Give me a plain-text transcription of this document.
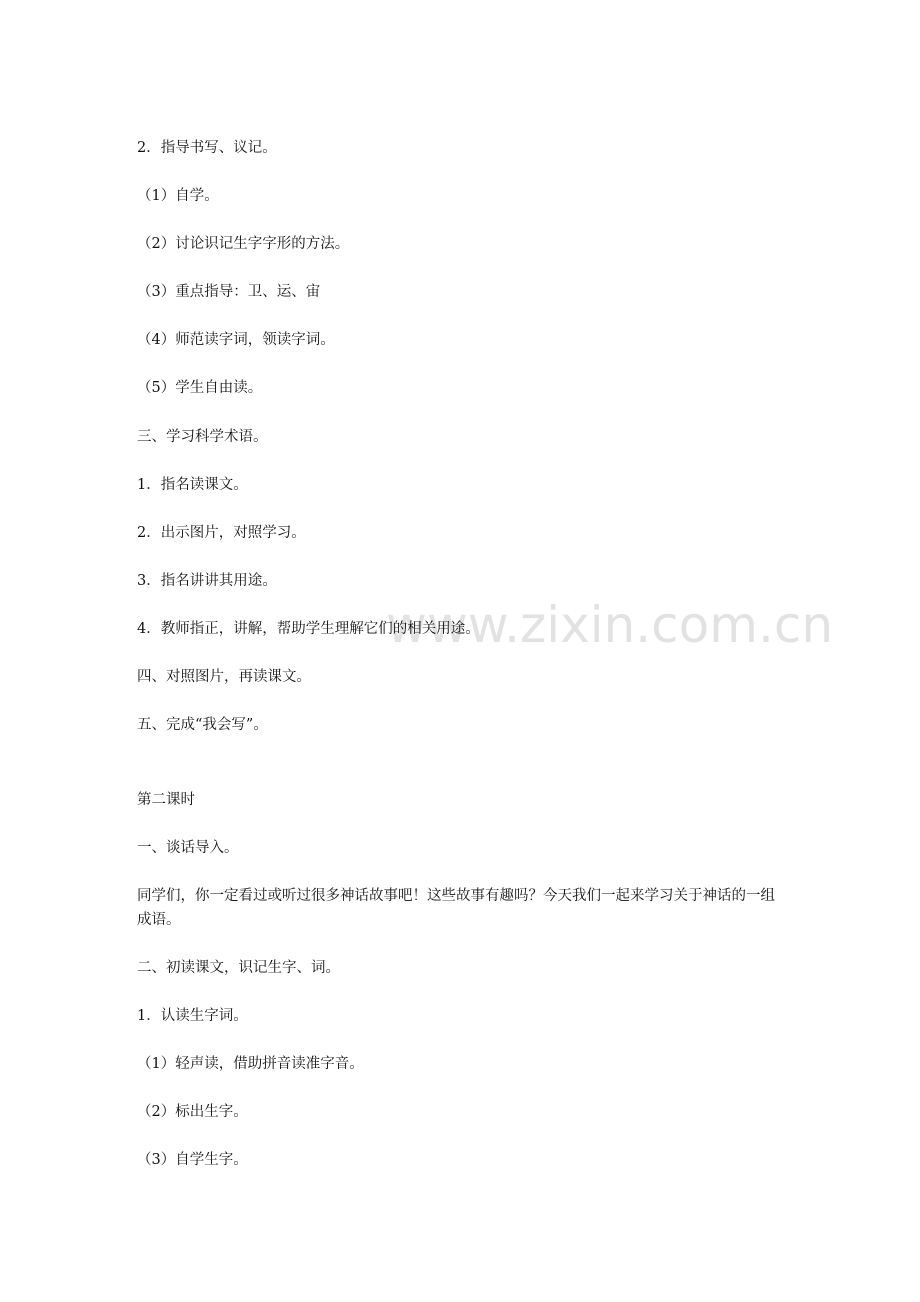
www.zixin.com.cn
2．指导书写、议记。
（1）自学。
（2）讨论识记生字字形的方法。
（3）重点指导：卫、运、宙
（4）师范读字词，领读字词。
（5）学生自由读。
三、学习科学术语。
1．指名读课文。
2．出示图片，对照学习。
3．指名讲讲其用途。
4．教师指正，讲解，帮助学生理解它们的相关用途。
四、对照图片，再读课文。
五、完成“我会写”。
第二课时
一、谈话导入。
同学们，你一定看过或听过很多神话故事吧！这些故事有趣吗？今天我们一起来学习关于神话的一组成语。
二、初读课文，识记生字、词。
1．认读生字词。
（1）轻声读，借助拼音读准字音。
（2）标出生字。
（3）自学生字。
